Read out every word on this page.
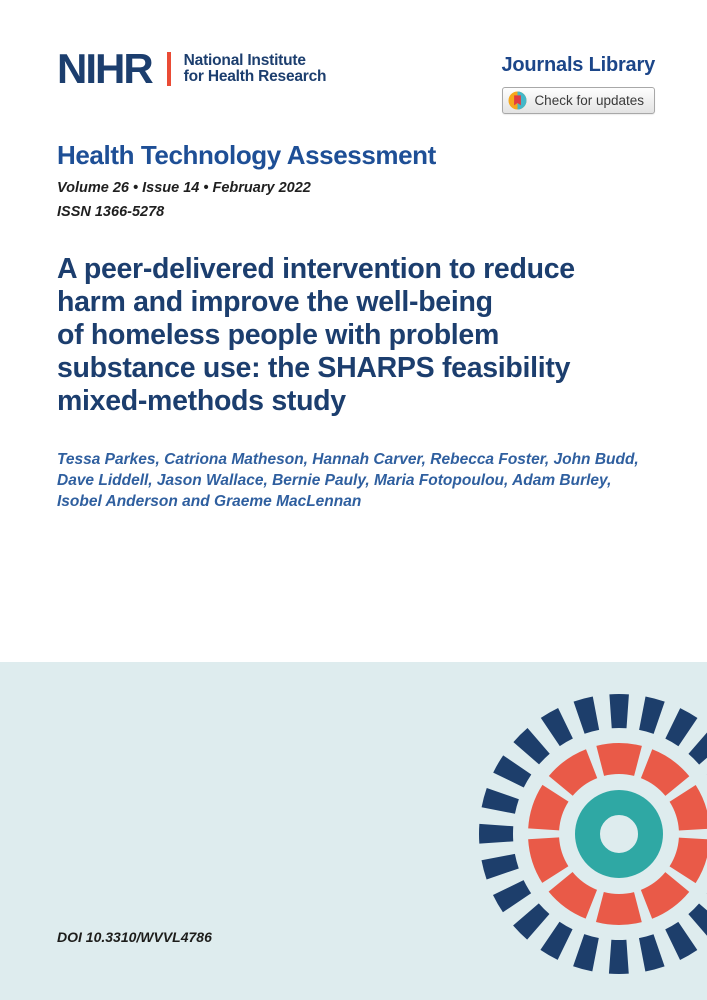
NIHR National Institute
for Health Research
Journals Library
Check for updates
Health Technology Assessment
Volume 26 • Issue 14 • February 2022
ISSN 1366-5278
A peer-delivered intervention to reduce
harm and improve the well-being
of homeless people with problem
substance use: the SHARPS feasibility
mixed-methods study
Tessa Parkes, Catriona Matheson, Hannah Carver, Rebecca Foster, John Budd,
Dave Liddell, Jason Wallace, Bernie Pauly, Maria Fotopoulou, Adam Burley,
Isobel Anderson and Graeme MacLennan
DOI 10.3310/WVVL4786
